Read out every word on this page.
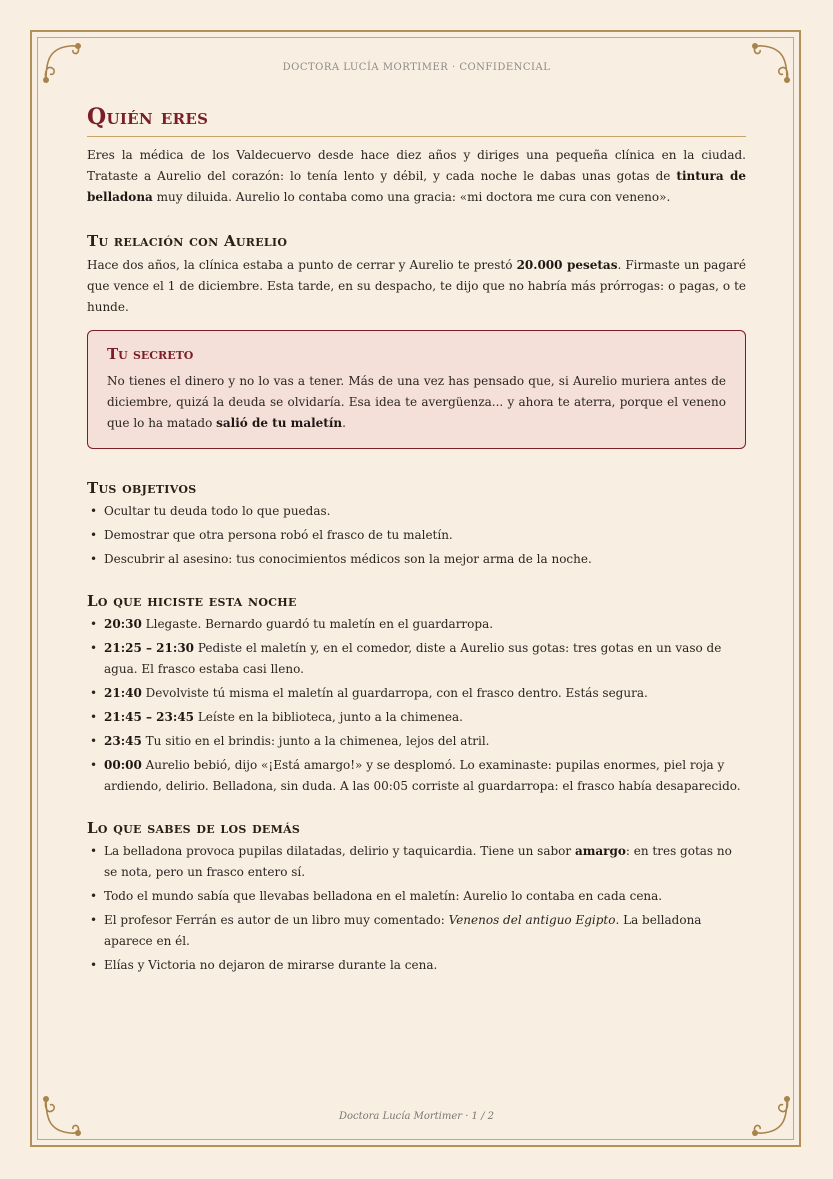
DOCTORA LUCÍA MORTIMER · CONFIDENCIAL
Quién eres

Eres la médica de los Valdecuervo desde hace diez años y diriges una pequeña clínica en la ciudad. Trataste a Aurelio del corazón: lo tenía lento y débil, y cada noche le dabas unas gotas de tintura de belladona muy diluida. Aurelio lo contaba como una gracia: «mi doctora me cura con veneno».

Tu relación con Aurelio

Hace dos años, la clínica estaba a punto de cerrar y Aurelio te prestó 20.000 pesetas. Firmaste un pagaré que vence el 1 de diciembre. Esta tarde, en su despacho, te dijo que no habría más prórrogas: o pagas, o te hunde.

Tu secreto

No tienes el dinero y no lo vas a tener. Más de una vez has pensado que, si Aurelio muriera antes de diciembre, quizá la deuda se olvidaría. Esa idea te avergüenza... y ahora te aterra, porque el veneno que lo ha matado salió de tu maletín.

Tus objetivos
• Ocultar tu deuda todo lo que puedas.
• Demostrar que otra persona robó el frasco de tu maletín.
• Descubrir al asesino: tus conocimientos médicos son la mejor arma de la noche.
Lo que hiciste esta noche
• 20:30 Llegaste. Bernardo guardó tu maletín en el guardarropa.
• 21:25 – 21:30 Pediste el maletín y, en el comedor, diste a Aurelio sus gotas: tres gotas en un vaso de agua. El frasco estaba casi lleno.
• 21:40 Devolviste tú misma el maletín al guardarropa, con el frasco dentro. Estás segura.
• 21:45 – 23:45 Leíste en la biblioteca, junto a la chimenea.
• 23:45 Tu sitio en el brindis: junto a la chimenea, lejos del atril.
• 00:00 Aurelio bebió, dijo «¡Está amargo!» y se desplomó. Lo examinaste: pupilas enormes, piel roja y ardiendo, delirio. Belladona, sin duda. A las 00:05 corriste al guardarropa: el frasco había desaparecido.
Lo que sabes de los demás
• La belladona provoca pupilas dilatadas, delirio y taquicardia. Tiene un sabor amargo: en tres gotas no se nota, pero un frasco entero sí.
• Todo el mundo sabía que llevabas belladona en el maletín: Aurelio lo contaba en cada cena.
• El profesor Ferrán es autor de un libro muy comentado: Venenos del antiguo Egipto. La belladona aparece en él.
• Elías y Victoria no dejaron de mirarse durante la cena.
Doctora Lucía Mortimer · 1 / 2
